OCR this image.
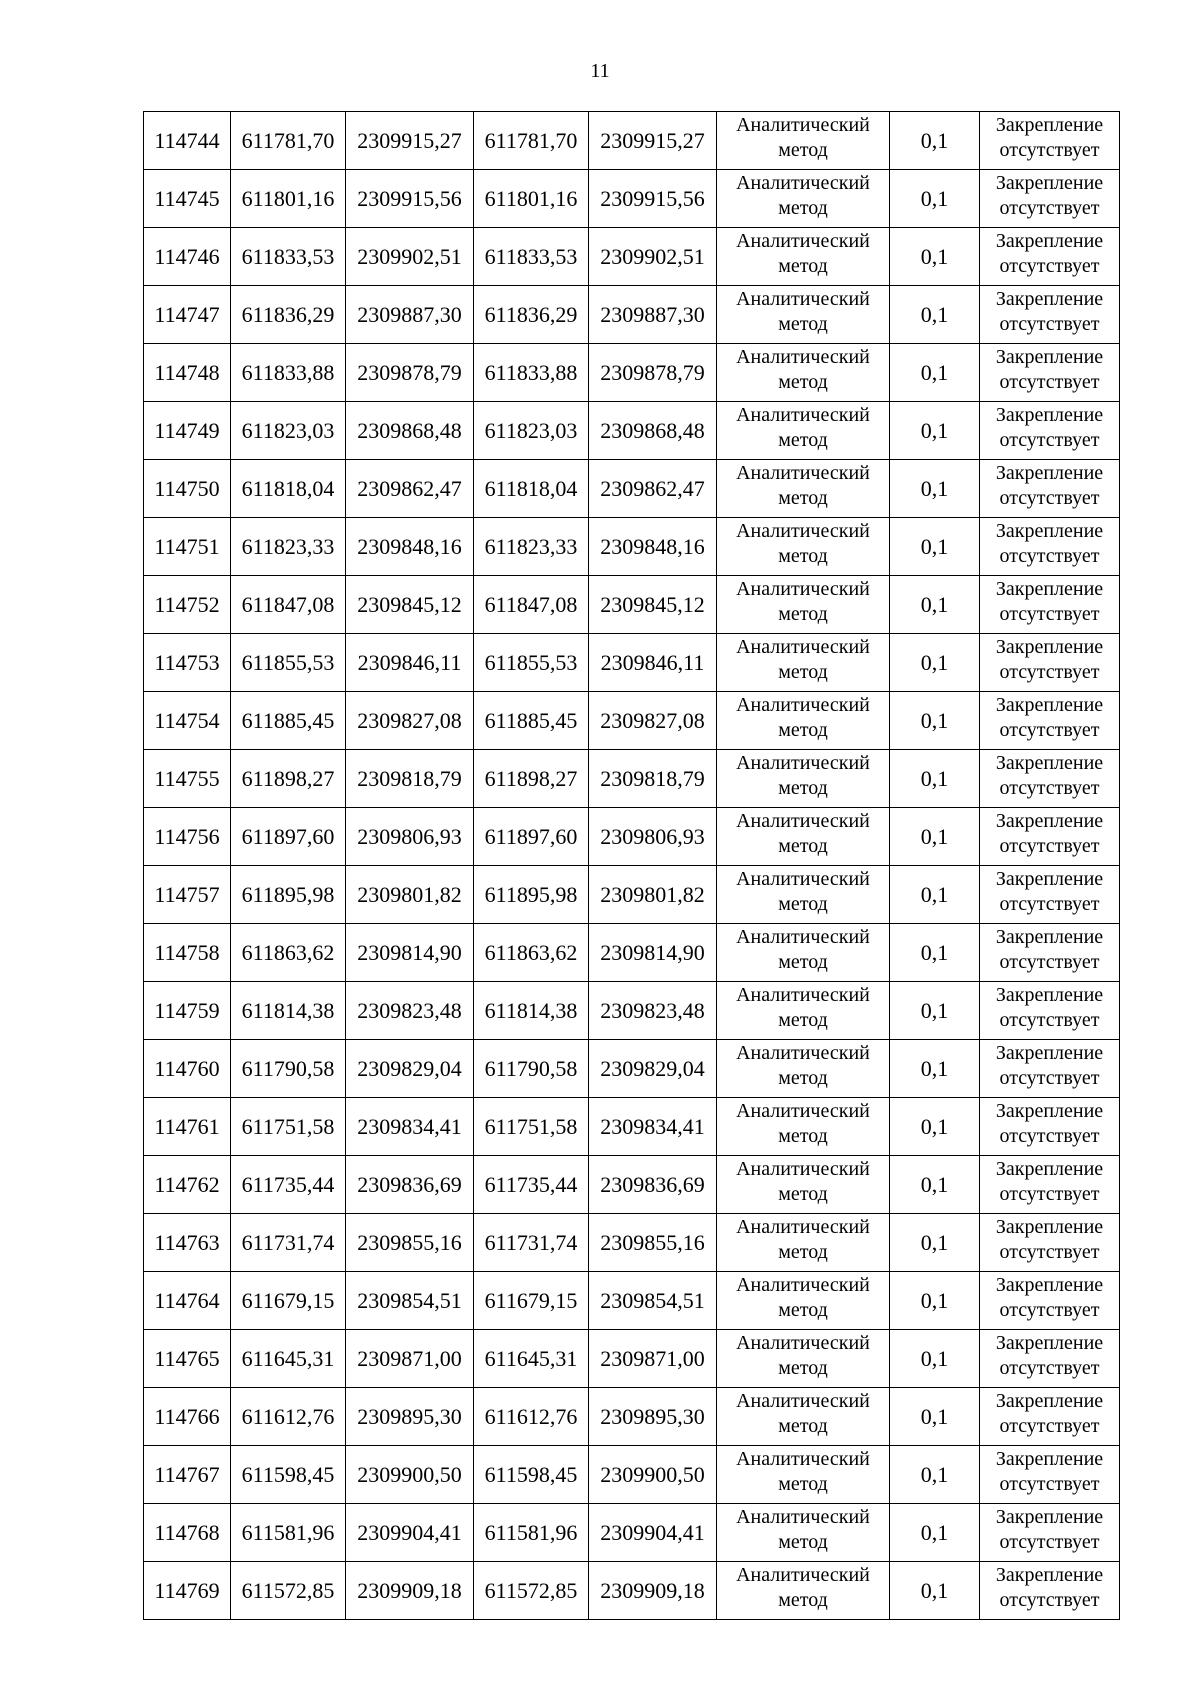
11
114744	611781,70	2309915,27	611781,70	2309915,27	Аналитический
метод	0,1	Закрепление
отсутствует

114745	611801,16	2309915,56	611801,16	2309915,56	Аналитический
метод	0,1	Закрепление
отсутствует

114746	611833,53	2309902,51	611833,53	2309902,51	Аналитический
метод	0,1	Закрепление
отсутствует

114747	611836,29	2309887,30	611836,29	2309887,30	Аналитический
метод	0,1	Закрепление
отсутствует

114748	611833,88	2309878,79	611833,88	2309878,79	Аналитический
метод	0,1	Закрепление
отсутствует

114749	611823,03	2309868,48	611823,03	2309868,48	Аналитический
метод	0,1	Закрепление
отсутствует

114750	611818,04	2309862,47	611818,04	2309862,47	Аналитический
метод	0,1	Закрепление
отсутствует

114751	611823,33	2309848,16	611823,33	2309848,16	Аналитический
метод	0,1	Закрепление
отсутствует

114752	611847,08	2309845,12	611847,08	2309845,12	Аналитический
метод	0,1	Закрепление
отсутствует

114753	611855,53	2309846,11	611855,53	2309846,11	Аналитический
метод	0,1	Закрепление
отсутствует

114754	611885,45	2309827,08	611885,45	2309827,08	Аналитический
метод	0,1	Закрепление
отсутствует

114755	611898,27	2309818,79	611898,27	2309818,79	Аналитический
метод	0,1	Закрепление
отсутствует

114756	611897,60	2309806,93	611897,60	2309806,93	Аналитический
метод	0,1	Закрепление
отсутствует

114757	611895,98	2309801,82	611895,98	2309801,82	Аналитический
метод	0,1	Закрепление
отсутствует

114758	611863,62	2309814,90	611863,62	2309814,90	Аналитический
метод	0,1	Закрепление
отсутствует

114759	611814,38	2309823,48	611814,38	2309823,48	Аналитический
метод	0,1	Закрепление
отсутствует

114760	611790,58	2309829,04	611790,58	2309829,04	Аналитический
метод	0,1	Закрепление
отсутствует

114761	611751,58	2309834,41	611751,58	2309834,41	Аналитический
метод	0,1	Закрепление
отсутствует

114762	611735,44	2309836,69	611735,44	2309836,69	Аналитический
метод	0,1	Закрепление
отсутствует

114763	611731,74	2309855,16	611731,74	2309855,16	Аналитический
метод	0,1	Закрепление
отсутствует

114764	611679,15	2309854,51	611679,15	2309854,51	Аналитический
метод	0,1	Закрепление
отсутствует

114765	611645,31	2309871,00	611645,31	2309871,00	Аналитический
метод	0,1	Закрепление
отсутствует

114766	611612,76	2309895,30	611612,76	2309895,30	Аналитический
метод	0,1	Закрепление
отсутствует

114767	611598,45	2309900,50	611598,45	2309900,50	Аналитический
метод	0,1	Закрепление
отсутствует

114768	611581,96	2309904,41	611581,96	2309904,41	Аналитический
метод	0,1	Закрепление
отсутствует

114769	611572,85	2309909,18	611572,85	2309909,18	Аналитический
метод	0,1	Закрепление
отсутствует
